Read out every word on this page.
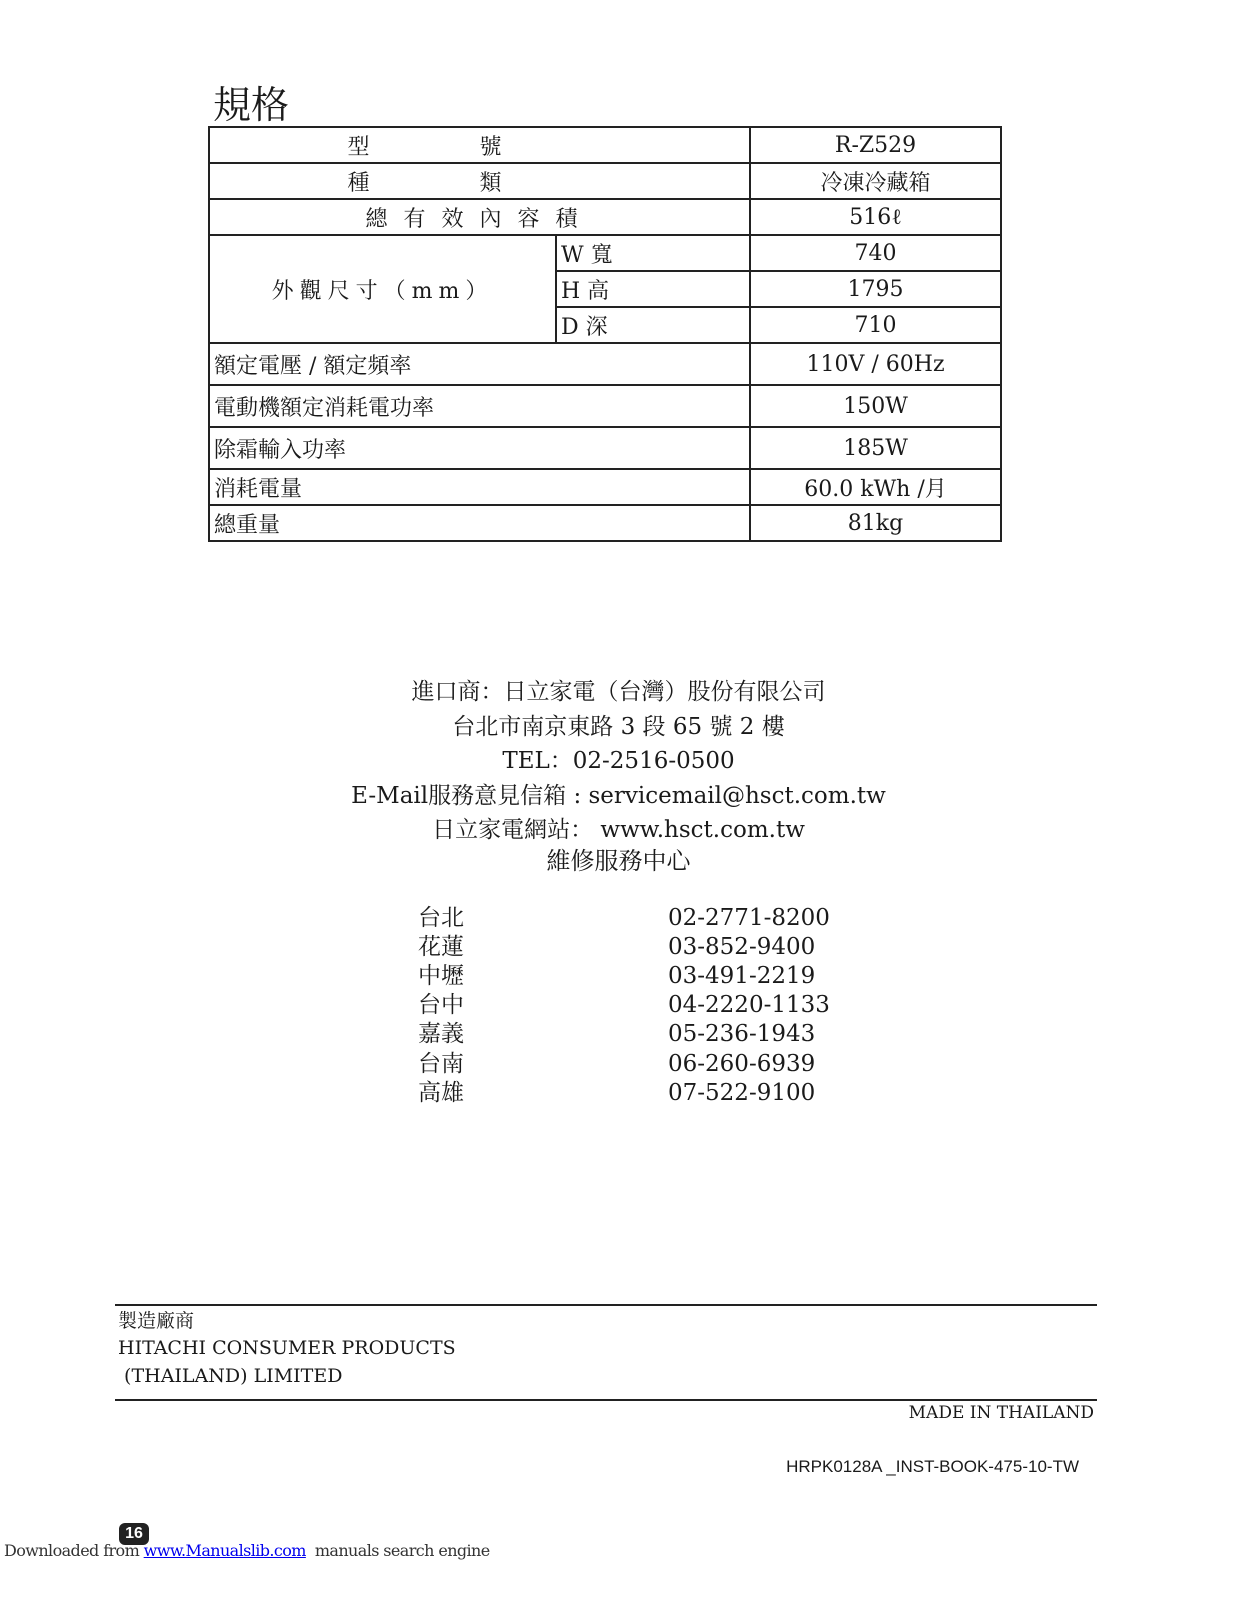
規格
型號		R-Z529
種類		冷凍冷藏箱
總有效內容積		516ℓ
外觀尺寸（mm）	W 寬	740
	H 高	1795
	D 深	710
額定電壓 / 額定頻率		110V / 60Hz
電動機額定消耗電功率		150W
除霜輸入功率		185W
消耗電量		60.0 kWh /月
總重量		81kg
進口商：日立家電（台灣）股份有限公司
台北市南京東路 3 段 65 號 2 樓
TEL：02-2516-0500
E-Mail服務意見信箱 : servicemail@hsct.com.tw
日立家電網站： www.hsct.com.tw
維修服務中心
台北	02-2771-8200
花蓮	03-852-9400
中壢	03-491-2219
台中	04-2220-1133
嘉義	05-236-1943
台南	06-260-6939
高雄	07-522-9100
製造廠商
HITACHI CONSUMER PRODUCTS
(THAILAND) LIMITED
MADE IN THAILAND
HRPK0128A _INST-BOOK-475-10-TW
16
Downloaded from www.Manualslib.com  manuals search engine
